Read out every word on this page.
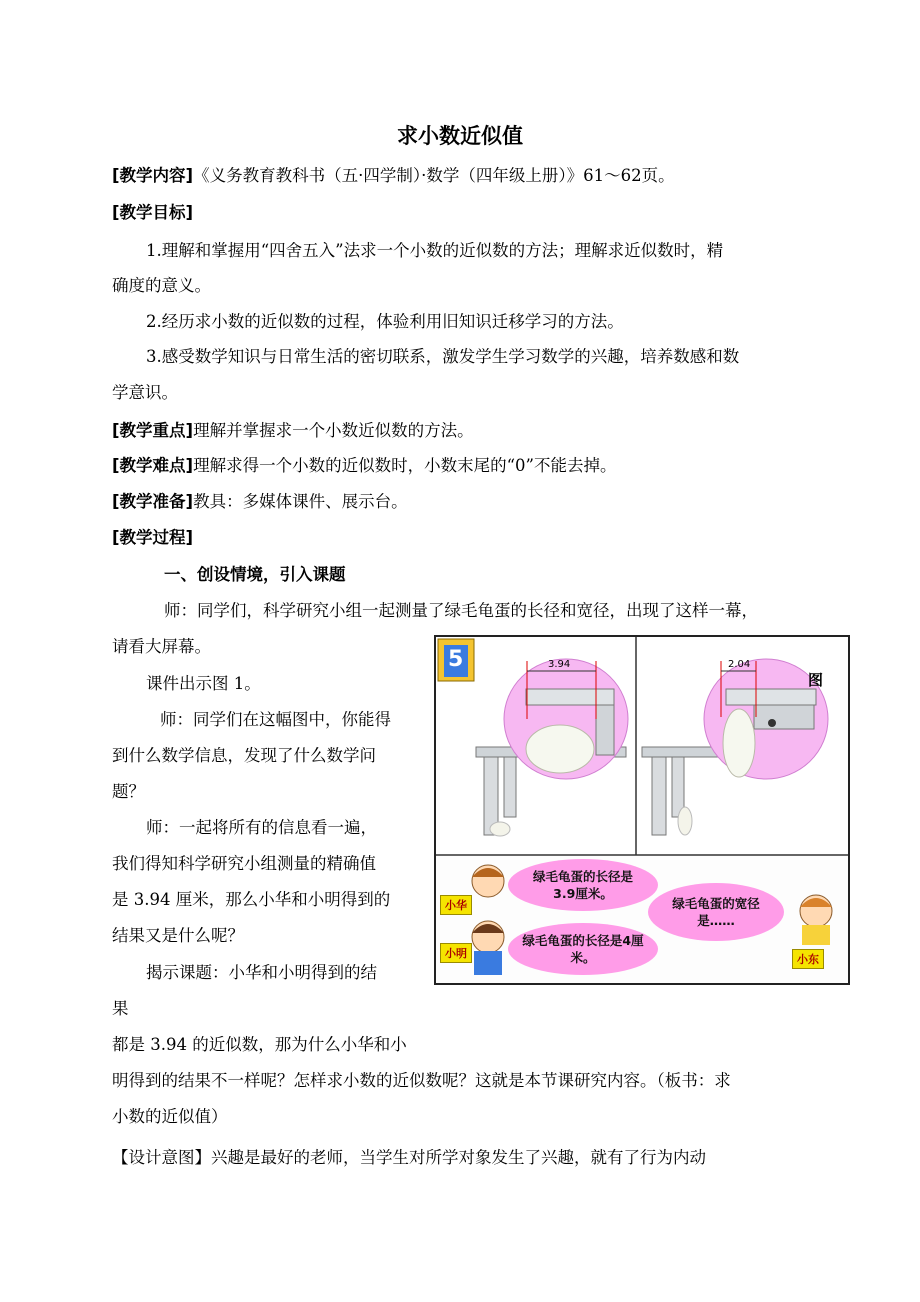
求小数近似值
[教学内容]《义务教育教科书（五·四学制）·数学（四年级上册）》61～62页。
[教学目标]
1.理解和掌握用“四舍五入”法求一个小数的近似数的方法；理解求近似数时，精
确度的意义。
2.经历求小数的近似数的过程，体验利用旧知识迁移学习的方法。
3.感受数学知识与日常生活的密切联系，激发学生学习数学的兴趣，培养数感和数
学意识。
[教学重点]理解并掌握求一个小数近似数的方法。
[教学难点]理解求得一个小数的近似数时，小数末尾的“0”不能去掉。
[教学准备]教具：多媒体课件、展示台。
[教学过程]
一、创设情境，引入课题
师：同学们，科学研究小组一起测量了绿毛龟蛋的长径和宽径，出现了这样一幕，
请看大屏幕。
课件出示图 1。
师：同学们在这幅图中，你能得
到什么数学信息，发现了什么数学问
题？
师：一起将所有的信息看一遍，
我们得知科学研究小组测量的精确值
是 3.94 厘米，那么小华和小明得到的
结果又是什么呢？
揭示课题：小华和小明得到的结
果
都是 3.94 的近似数，那为什么小华和小
明得到的结果不一样呢？怎样求小数的近似数呢？这就是本节课研究内容。（板书：求
小数的近似值）
【设计意图】兴趣是最好的老师，当学生对所学对象发生了兴趣，就有了行为内动
5
图
3.94	2.04
绿毛龟蛋的长径是3.9厘米。
绿毛龟蛋的长径是4厘米。
绿毛龟蛋的宽径是……
小华
小明	小东
